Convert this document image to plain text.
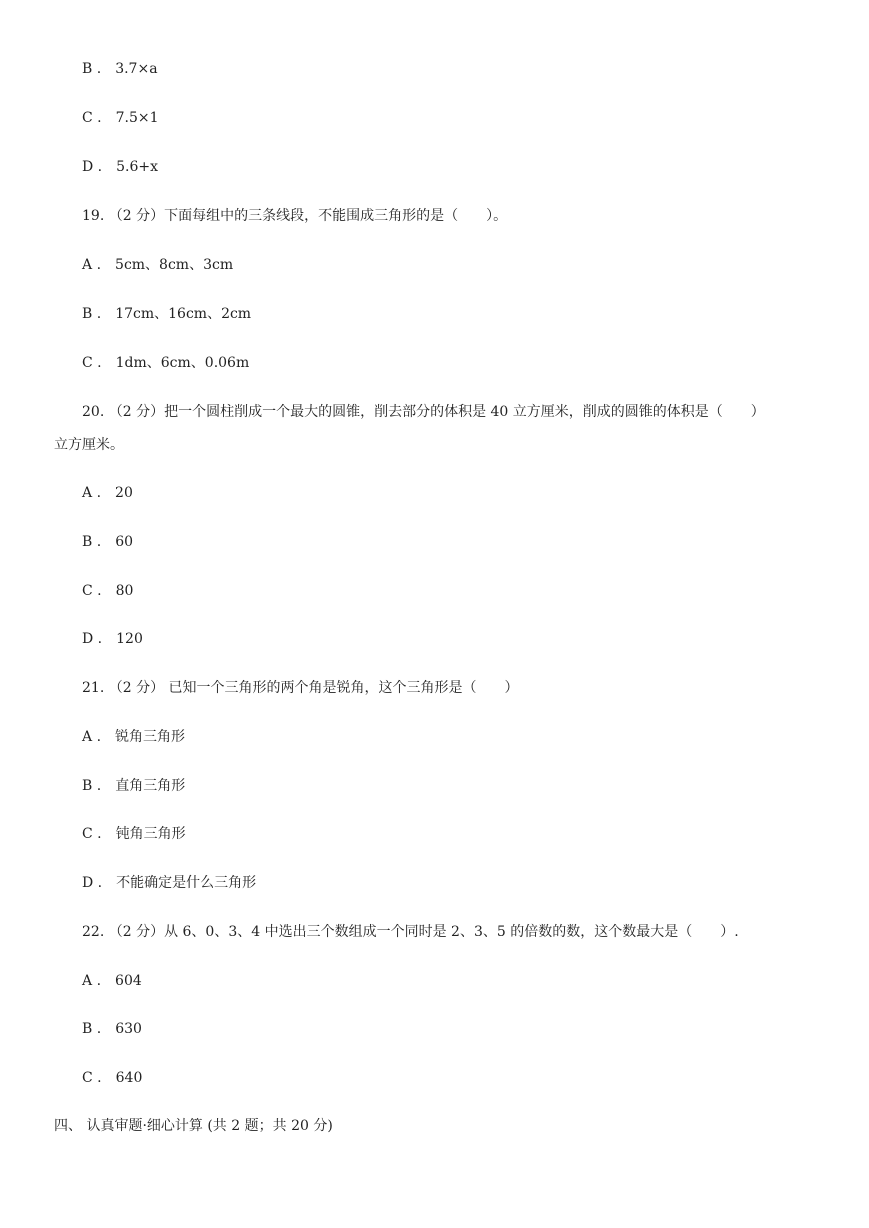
B . 3.7×a
C . 7.5×1
D . 5.6+x
19. （2 分）下面每组中的三条线段，不能围成三角形的是（　　）。
A . 5cm、8cm、3cm
B . 17cm、16cm、2cm
C . 1dm、6cm、0.06m
20. （2 分）把一个圆柱削成一个最大的圆锥，削去部分的体积是 40 立方厘米，削成的圆锥的体积是（　　）
立方厘米。
A . 20
B . 60
C . 80
D . 120
21. （2 分） 已知一个三角形的两个角是锐角，这个三角形是（　　）
A . 锐角三角形
B . 直角三角形
C . 钝角三角形
D . 不能确定是什么三角形
22. （2 分）从 6、0、3、4 中选出三个数组成一个同时是 2、3、5 的倍数的数，这个数最大是（　　）.
A . 604
B . 630
C . 640
四、 认真审题·细心计算 (共 2 题；共 20 分)
